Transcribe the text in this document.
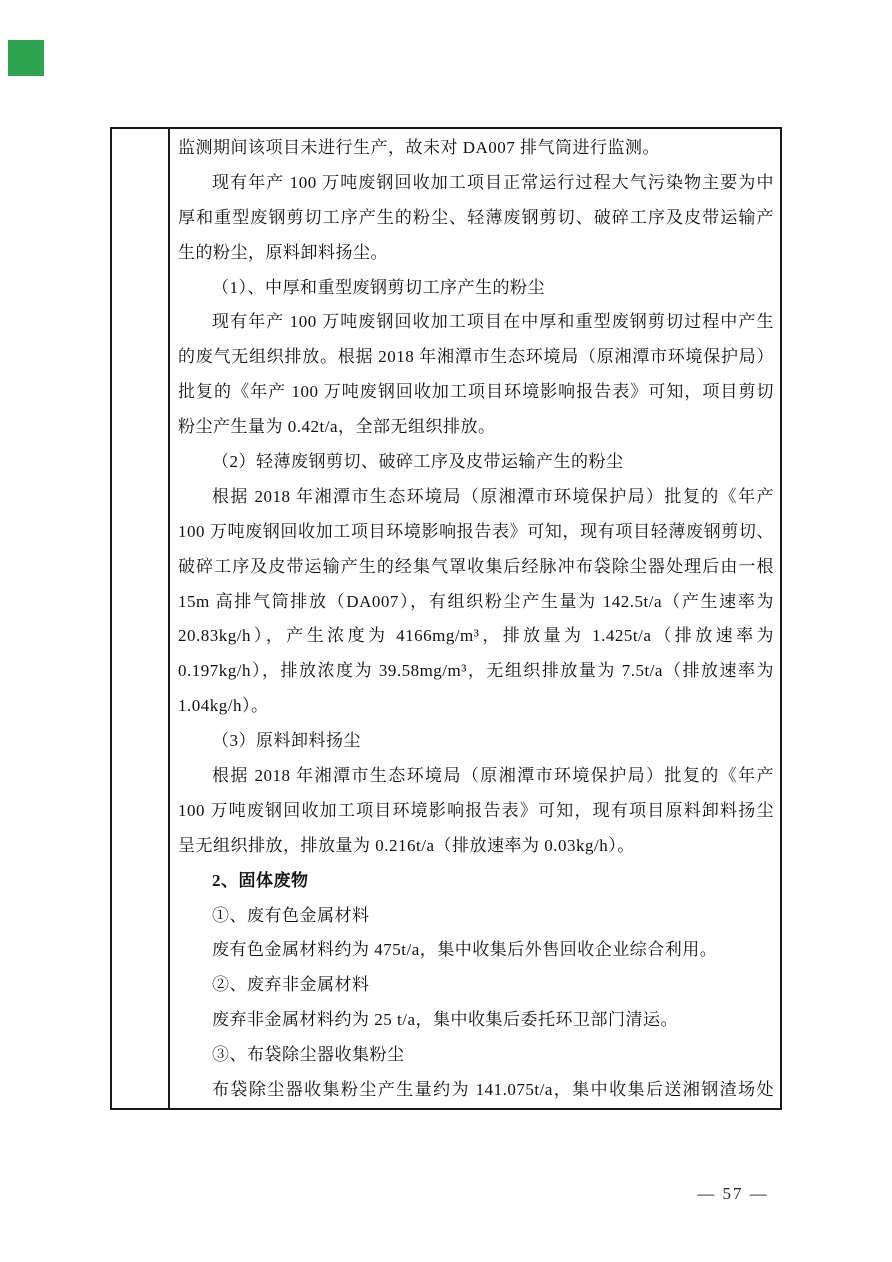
监测期间该项目未进行生产，故未对 DA007 排气筒进行监测。

现有年产 100 万吨废钢回收加工项目正常运行过程大气污染物主要为中

厚和重型废钢剪切工序产生的粉尘、轻薄废钢剪切、破碎工序及皮带运输产

生的粉尘，原料卸料扬尘。

（1）、中厚和重型废钢剪切工序产生的粉尘

现有年产 100 万吨废钢回收加工项目在中厚和重型废钢剪切过程中产生

的废气无组织排放。根据 2018 年湘潭市生态环境局（原湘潭市环境保护局）

批复的《年产 100 万吨废钢回收加工项目环境影响报告表》可知，项目剪切

粉尘产生量为 0.42t/a，全部无组织排放。

（2）轻薄废钢剪切、破碎工序及皮带运输产生的粉尘

根据 2018 年湘潭市生态环境局（原湘潭市环境保护局）批复的《年产

100 万吨废钢回收加工项目环境影响报告表》可知，现有项目轻薄废钢剪切、

破碎工序及皮带运输产生的经集气罩收集后经脉冲布袋除尘器处理后由一根

15m 高排气筒排放（DA007），有组织粉尘产生量为 142.5t/a（产生速率为

20.83kg/h），产生浓度为 4166mg/m³，排放量为 1.425t/a（排放速率为

0.197kg/h），排放浓度为 39.58mg/m³，无组织排放量为 7.5t/a（排放速率为

1.04kg/h）。

（3）原料卸料扬尘

根据 2018 年湘潭市生态环境局（原湘潭市环境保护局）批复的《年产

100 万吨废钢回收加工项目环境影响报告表》可知，现有项目原料卸料扬尘

呈无组织排放，排放量为 0.216t/a（排放速率为 0.03kg/h）。

2、固体废物

①、废有色金属材料

废有色金属材料约为 475t/a，集中收集后外售回收企业综合利用。

②、废弃非金属材料

废弃非金属材料约为 25 t/a，集中收集后委托环卫部门清运。

③、布袋除尘器收集粉尘

布袋除尘器收集粉尘产生量约为 141.075t/a，集中收集后送湘钢渣场处

— 57 —
